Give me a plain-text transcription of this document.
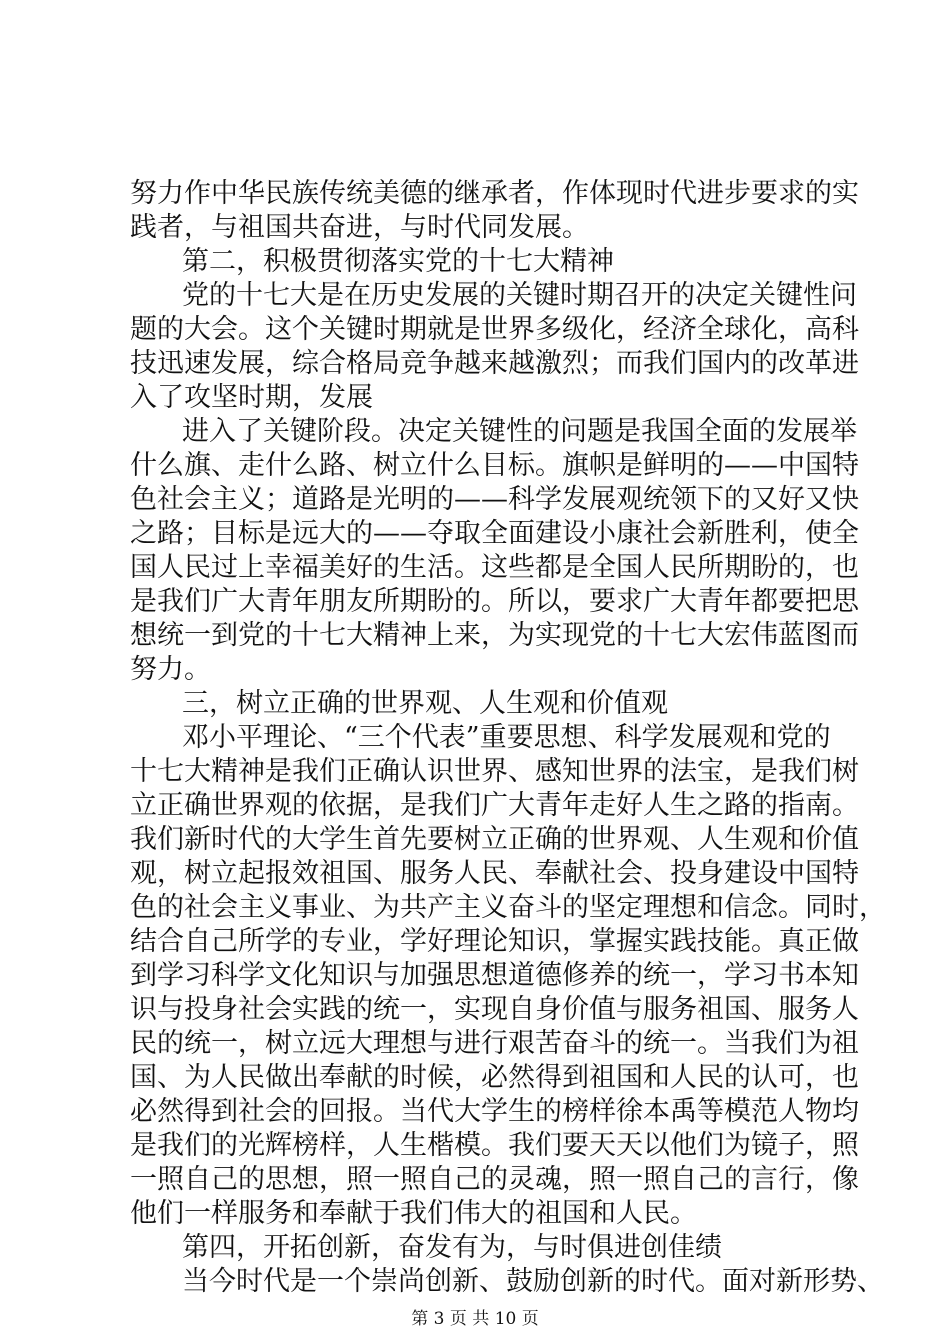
努力作中华民族传统美德的继承者，作体现时代进步要求的实
践者，与祖国共奋进，与时代同发展。
第二，积极贯彻落实党的十七大精神
党的十七大是在历史发展的关键时期召开的决定关键性问
题的大会。这个关键时期就是世界多级化，经济全球化，高科
技迅速发展，综合格局竞争越来越激烈；而我们国内的改革进
入了攻坚时期，发展
进入了关键阶段。决定关键性的问题是我国全面的发展举
什么旗、走什么路、树立什么目标。旗帜是鲜明的——中国特
色社会主义；道路是光明的——科学发展观统领下的又好又快
之路；目标是远大的——夺取全面建设小康社会新胜利，使全
国人民过上幸福美好的生活。这些都是全国人民所期盼的，也
是我们广大青年朋友所期盼的。所以，要求广大青年都要把思
想统一到党的十七大精神上来，为实现党的十七大宏伟蓝图而
努力。
三，树立正确的世界观、人生观和价值观
邓小平理论、“三个代表”重要思想、科学发展观和党的
十七大精神是我们正确认识世界、感知世界的法宝，是我们树
立正确世界观的依据，是我们广大青年走好人生之路的指南。
我们新时代的大学生首先要树立正确的世界观、人生观和价值
观，树立起报效祖国、服务人民、奉献社会、投身建设中国特
色的社会主义事业、为共产主义奋斗的坚定理想和信念。同时，
结合自己所学的专业，学好理论知识，掌握实践技能。真正做
到学习科学文化知识与加强思想道德修养的统一，学习书本知
识与投身社会实践的统一，实现自身价值与服务祖国、服务人
民的统一，树立远大理想与进行艰苦奋斗的统一。当我们为祖
国、为人民做出奉献的时候，必然得到祖国和人民的认可，也
必然得到社会的回报。当代大学生的榜样徐本禹等模范人物均
是我们的光辉榜样，人生楷模。我们要天天以他们为镜子，照
一照自己的思想，照一照自己的灵魂，照一照自己的言行，像
他们一样服务和奉献于我们伟大的祖国和人民。
第四，开拓创新，奋发有为，与时俱进创佳绩
当今时代是一个崇尚创新、鼓励创新的时代。面对新形势、
第 3 页 共 10 页
